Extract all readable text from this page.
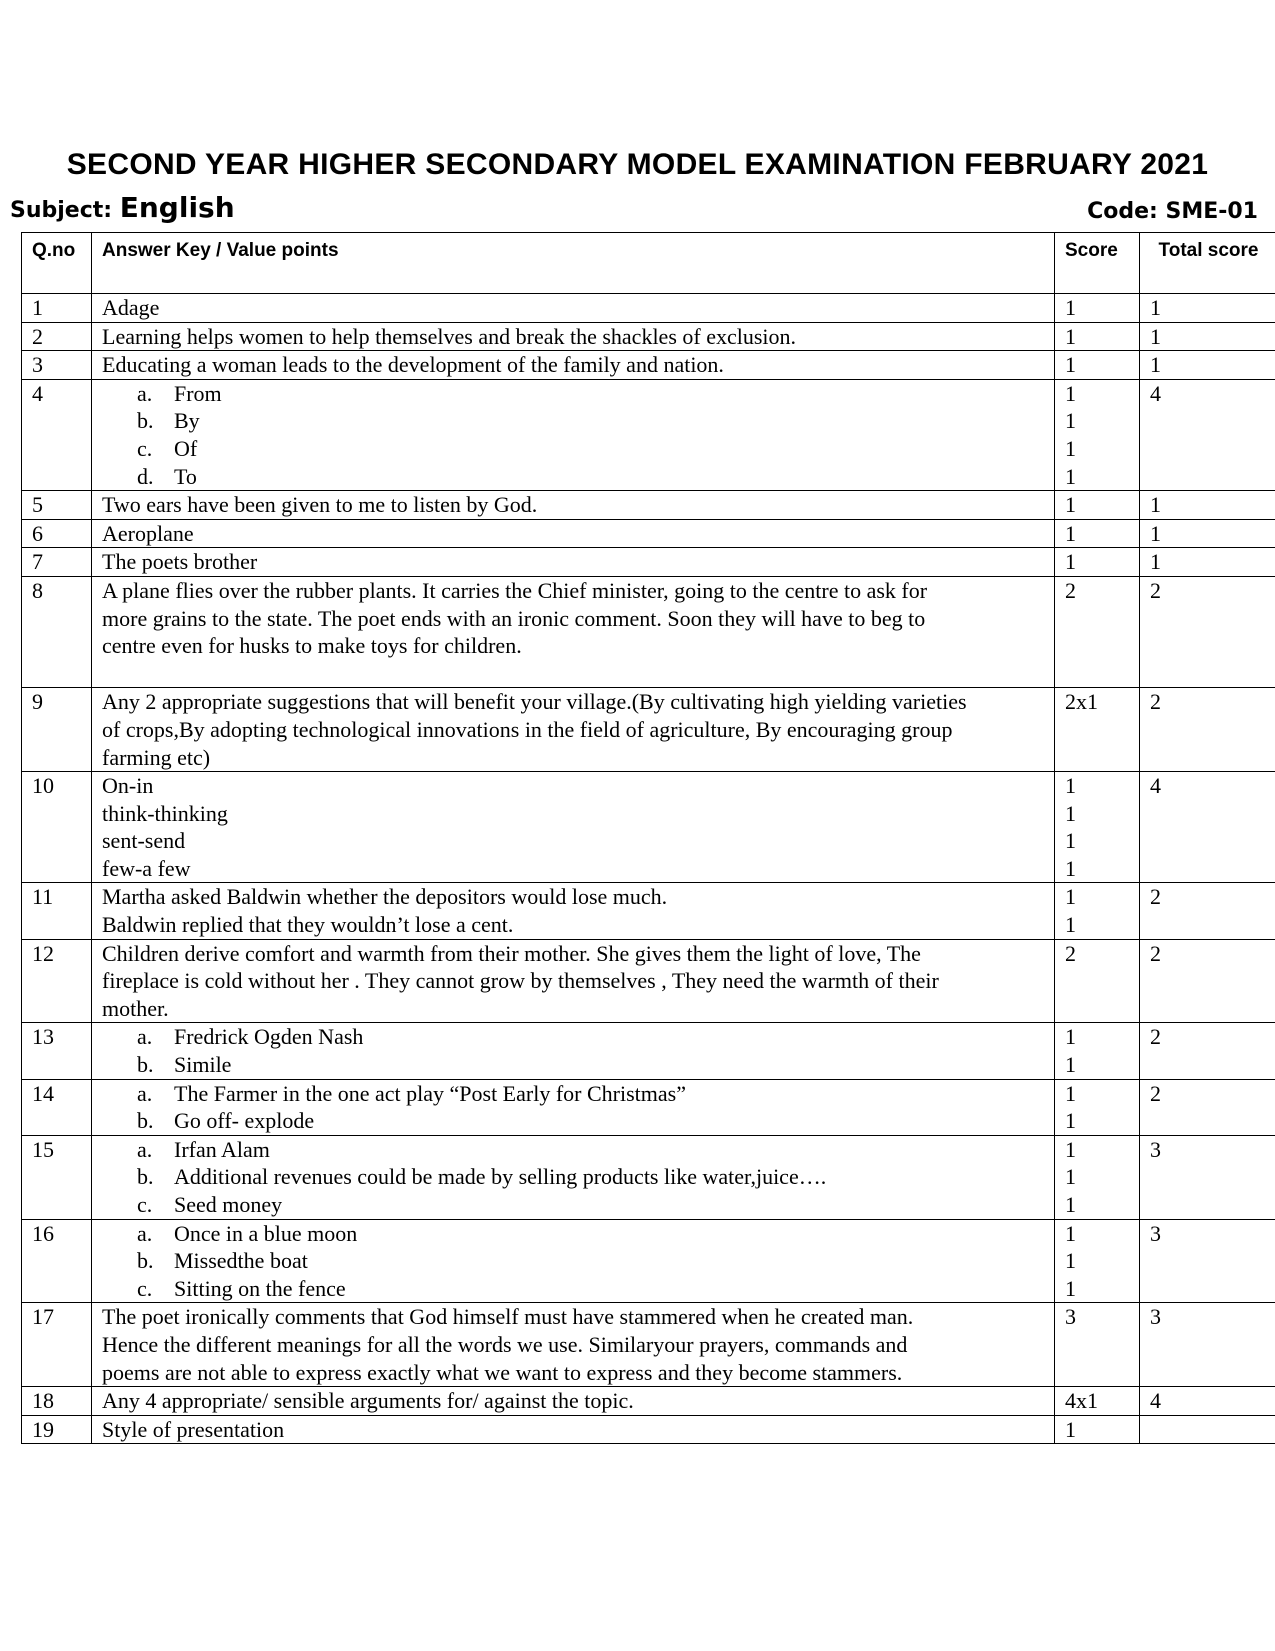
SECOND YEAR HIGHER SECONDARY MODEL EXAMINATION FEBRUARY 2021
Subject: English	Code: SME-01
Q.no	Answer Key / Value points	Score	Total score
1	Adage	1	1
2	Learning helps women to help themselves and break the shackles of exclusion.	1	1
3	Educating a woman leads to the development of the family and nation.	1	1
4	a. From
b. By
c. Of
d. To	1
1
1
1	4
5	Two ears have been given to me to listen by God.	1	1
6	Aeroplane	1	1
7	The poets brother	1	1
8	A plane flies over the rubber plants. It carries the Chief minister, going to the centre to ask for
more grains to the state. The poet ends with an ironic comment. Soon they will have to beg to
centre even for husks to make toys for children.	2	2
9	Any 2 appropriate suggestions that will benefit your village.(By cultivating high yielding varieties
of crops,By adopting technological innovations in the field of agriculture, By encouraging group
farming etc)	2x1	2
10	On-in
think-thinking
sent-send
few-a few	1
1
1
1	4
11	Martha asked Baldwin whether the depositors would lose much.
Baldwin replied that they wouldn’t lose a cent.	1
1	2
12	Children derive comfort and warmth from their mother. She gives them the light of love, The
fireplace is cold without her . They cannot grow by themselves , They need the warmth of their
mother.	2	2
13	a. Fredrick Ogden Nash
b. Simile	1
1	2
14	a. The Farmer in the one act play “Post Early for Christmas”
b. Go off- explode	1
1	2
15	a. Irfan Alam
b. Additional revenues could be made by selling products like water,juice….
c. Seed money	1
1
1	3
16	a. Once in a blue moon
b. Missedthe boat
c. Sitting on the fence	1
1
1	3
17	The poet ironically comments that God himself must have stammered when he created man.
Hence the different meanings for all the words we use. Similaryour prayers, commands and
poems are not able to express exactly what we want to express and they become stammers.	3	3
18	Any 4 appropriate/ sensible arguments for/ against the topic.	4x1	4
19	Style of presentation	1	
